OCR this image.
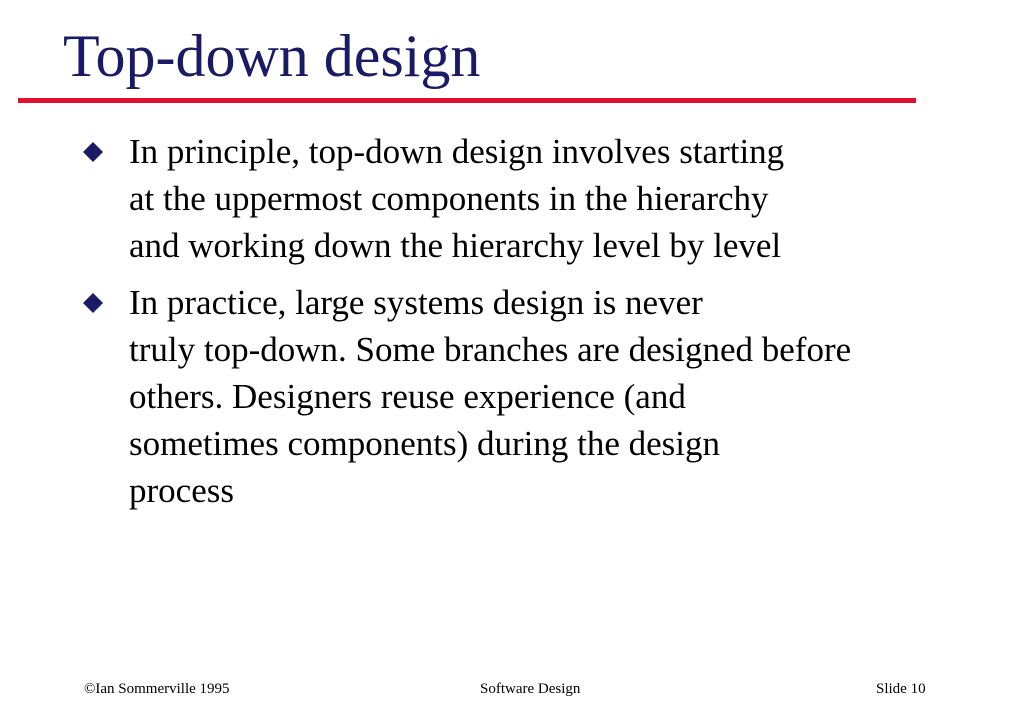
Top-down design
In principle, top-down design involves starting
at the uppermost components in the hierarchy
and working down the hierarchy level by level
In practice, large systems design is never
truly top-down. Some branches are designed before
others. Designers reuse experience (and
sometimes components) during the design
process
©Ian Sommerville 1995	Software Design	Slide 10
